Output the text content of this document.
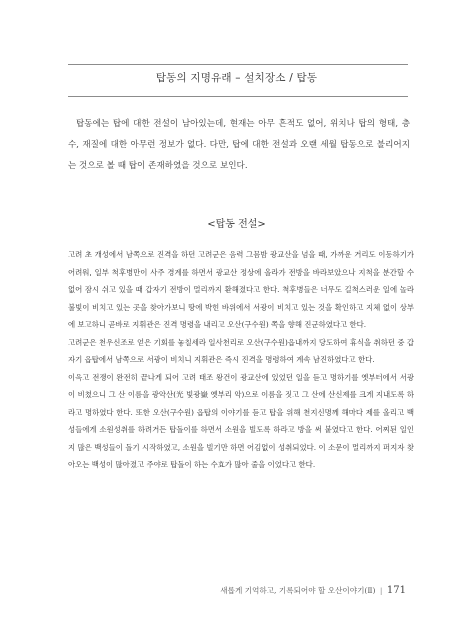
탑동의 지명유래 – 설치장소 / 탑동

탑동에는 탑에 대한 전설이 남아있는데, 현재는 아무 흔적도 없어, 위치나 탑의 형태, 층수, 재질에 대한 아무런 정보가 없다. 다만, 탑에 대한 전설과 오랜 세월 탑동으로 불리어지는 것으로 볼 때 탑이 존재하였을 것으로 보인다.

<탑동 전설>

고려 초 개성에서 남쪽으로 진격을 하던 고려군은 음력 그믐밤 광교산을 넘을 때, 가까운 거리도 이동하기가 어려워, 일부 척후병만이 사주 경계를 하면서 광교산 정상에 올라가 전방을 바라보았으나 지척을 분간할 수 없어 잠시 쉬고 있을 때 갑자기 전방이 멀리까지 환해졌다고 한다. 척후병들은 너무도 길척스러운 일에 놀라 불빛이 비치고 있는 곳을 찾아가보니 땅에 박힌 바위에서 서광이 비치고 있는 것을 확인하고 지체 없이 상부에 보고하니 곧바로 지휘관은 진격 명령을 내리고 오산(구수원) 쪽을 향해 진군하였다고 한다.

고려군은 천우신조로 얻은 기회를 놓칠세라 일사천리로 오산(구수원)읍내까지 당도하여 휴식을 취하던 중 갑자기 읍탑에서 남쪽으로 서광이 비치니 지휘관은 즉시 진격을 명령하여 계속 남진하였다고 한다.

이윽고 전쟁이 완전히 끝나게 되어 고려 태조 왕건이 광교산에 있었던 일을 듣고 명하기를 옛부터에서 서광이 비쳤으니 그 산 이름을 광악산(光 빛광嶽 옛부리 악)으로 이름을 짓고 그 산에 산신제를 크게 지내도록 하라고 명하였다 한다. 또한 오산(구수원) 읍탑의 이야기를 듣고 탑을 위해 천지신명께 해마다 제를 올리고 백성들에게 소원성취를 하려거든 탑돌이를 하면서 소원을 빌도록 하라고 방을 써 붙였다고 한다. 어찌된 일인지 많은 백성들이 돌기 시작하였고, 소원을 빌기만 하면 어김없이 성취되었다. 이 소문이 멀리까지 퍼지자 찾아오는 백성이 많아졌고 주야로 탑돌이 하는 수효가 많아 줄을 이었다고 한다.

새롭게 기억하고, 기록되어야 할 오산이야기(Ⅱ) | 171
